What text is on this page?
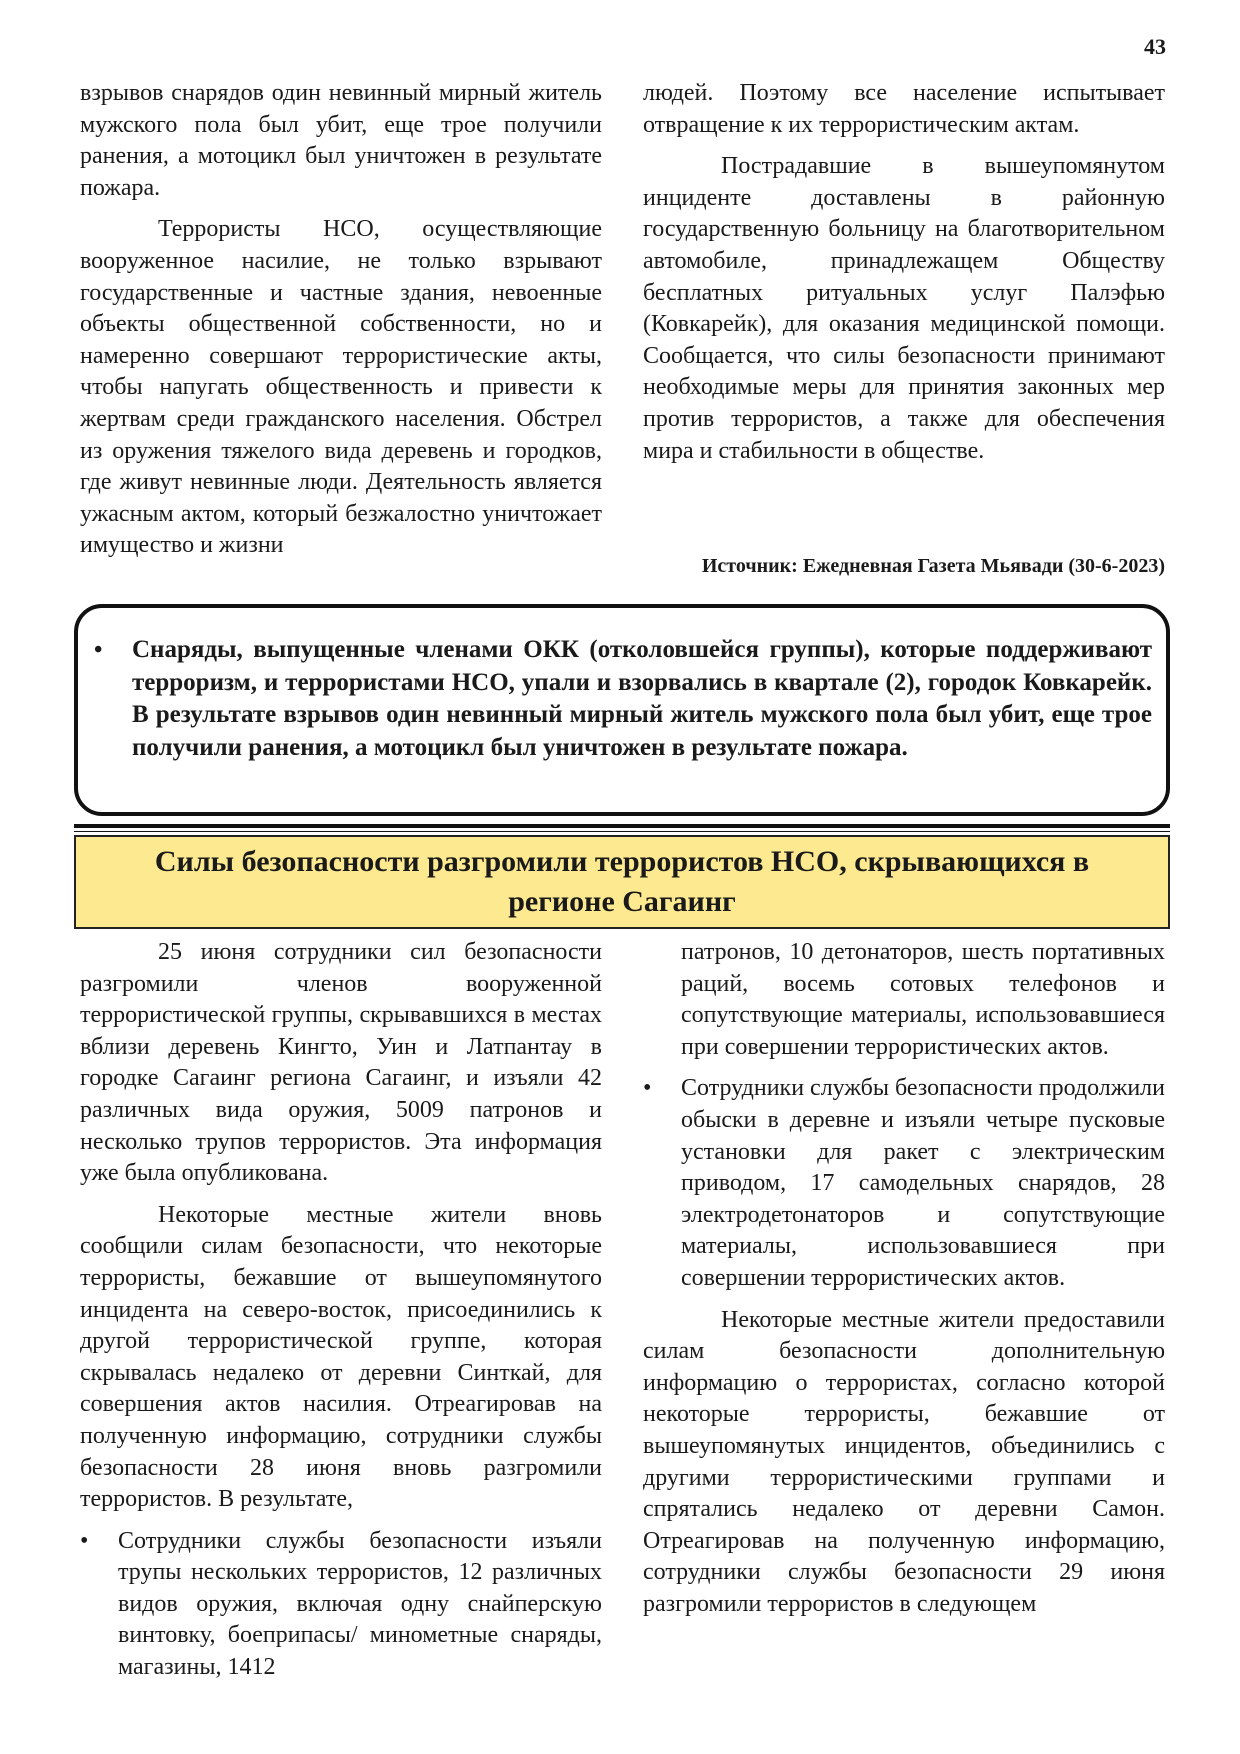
43

взрывов снарядов один невинный мирный житель мужского пола был убит, еще трое получили ранения, а мотоцикл был уничтожен в результате пожара.

Террористы НСО, осуществляющие вооруженное насилие, не только взрывают государственные и частные здания, невоенные объекты общественной собственности, но и намеренно совершают террористические акты, чтобы напугать общественность и привести к жертвам среди гражданского населения. Обстрел из оружения тяжелого вида деревень и городков, где живут невинные люди. Деятельность является ужасным актом, который безжалостно уничтожает имущество и жизни

людей. Поэтому все население испытывает отвращение к их террористическим актам.

Пострадавшие в вышеупомянутом инциденте доставлены в районную государственную больницу на благотворительном автомобиле, принадлежащем Обществу бесплатных ритуальных услуг Палэфью (Ковкарейк), для оказания медицинской помощи. Сообщается, что силы безопасности принимают необходимые меры для принятия законных мер против террористов, а также для обеспечения мира и стабильности в обществе.

Источник: Ежедневная Газета Мьявади (30-6-2023)
• Снаряды, выпущенные членами ОКК (отколовшейся группы), которые поддерживают терроризм, и террористами НСО, упали и взорвались в квартале (2), городок Ковкарейк. В результате взрывов один невинный мирный житель мужского пола был убит, еще трое получили ранения, а мотоцикл был уничтожен в результате пожара.
Силы безопасности разгромили террористов НСО, скрывающихся в регионе Сагаинг

25 июня сотрудники сил безопасности разгромили членов вооруженной террористической группы, скрывавшихся в местах вблизи деревень Кингто, Уин и Латпантау в городке Сагаинг региона Сагаинг, и изъяли 42 различных вида оружия, 5009 патронов и несколько трупов террористов. Эта информация уже была опубликована.

Некоторые местные жители вновь сообщили силам безопасности, что некоторые террористы, бежавшие от вышеупомянутого инцидента на северо-восток, присоединились к другой террористической группе, которая скрывалась недалеко от деревни Синткай, для совершения актов насилия. Отреагировав на полученную информацию, сотрудники службы безопасности 28 июня вновь разгромили террористов. В результате,

• Сотрудники службы безопасности изъяли трупы нескольких террористов, 12 различных видов оружия, включая одну снайперскую винтовку, боеприпасы/ минометные снаряды, магазины, 1412

патронов, 10 детонаторов, шесть портативных раций, восемь сотовых телефонов и сопутствующие материалы, использовавшиеся при совершении террористических актов.

• Сотрудники службы безопасности продолжили обыски в деревне и изъяли четыре пусковые установки для ракет с электрическим приводом, 17 самодельных снарядов, 28 электродетонаторов и сопутствующие материалы, использовавшиеся при совершении террористических актов.

Некоторые местные жители предоставили силам безопасности дополнительную информацию о террористах, согласно которой некоторые террористы, бежавшие от вышеупомянутых инцидентов, объединились с другими террористическими группами и спрятались недалеко от деревни Самон. Отреагировав на полученную информацию, сотрудники службы безопасности 29 июня разгромили террористов в следующем
